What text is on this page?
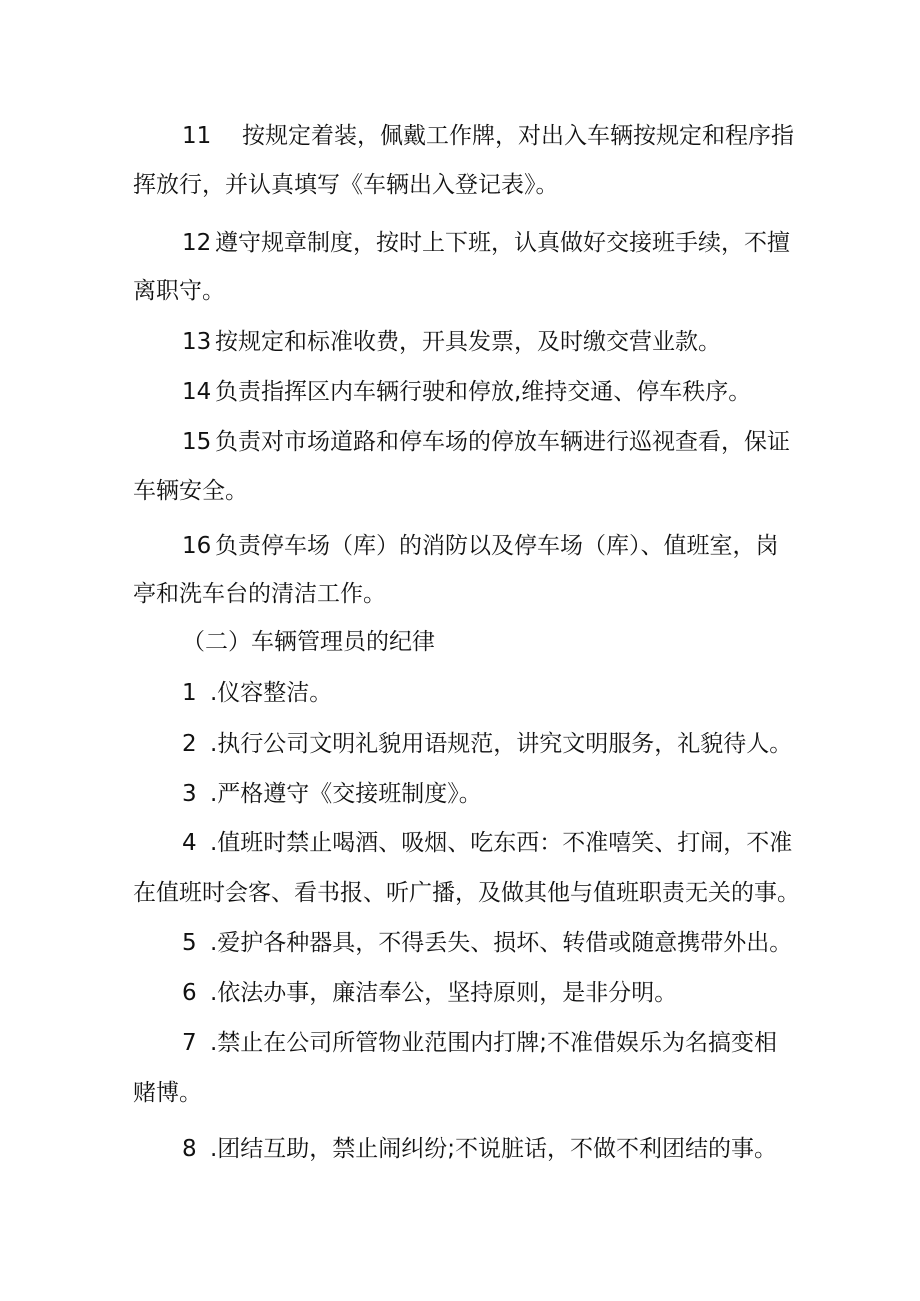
11 按规定着装，佩戴工作牌，对出入车辆按规定和程序指
挥放行，并认真填写《车辆出入登记表》。
12 遵守规章制度，按时上下班，认真做好交接班手续，不擅
离职守。
13 按规定和标准收费，开具发票，及时缴交营业款。
14 负责指挥区内车辆行驶和停放,维持交通、停车秩序。
15 负责对市场道路和停车场的停放车辆进行巡视查看，保证
车辆安全。
16 负责停车场（库）的消防以及停车场（库）、值班室，岗
亭和洗车台的清洁工作。
（二）车辆管理员的纪律
1 .仪容整洁。
2 .执行公司文明礼貌用语规范，讲究文明服务，礼貌待人。
3 .严格遵守《交接班制度》。
4 .值班时禁止喝酒、吸烟、吃东西：不准嘻笑、打闹，不准
在值班时会客、看书报、听广播，及做其他与值班职责无关的事。
5 .爱护各种器具，不得丢失、损坏、转借或随意携带外出。
6 .依法办事，廉洁奉公，坚持原则，是非分明。
7 .禁止在公司所管物业范围内打牌;不准借娱乐为名搞变相
赌博。
8 .团结互助，禁止闹纠纷;不说脏话，不做不利团结的事。
